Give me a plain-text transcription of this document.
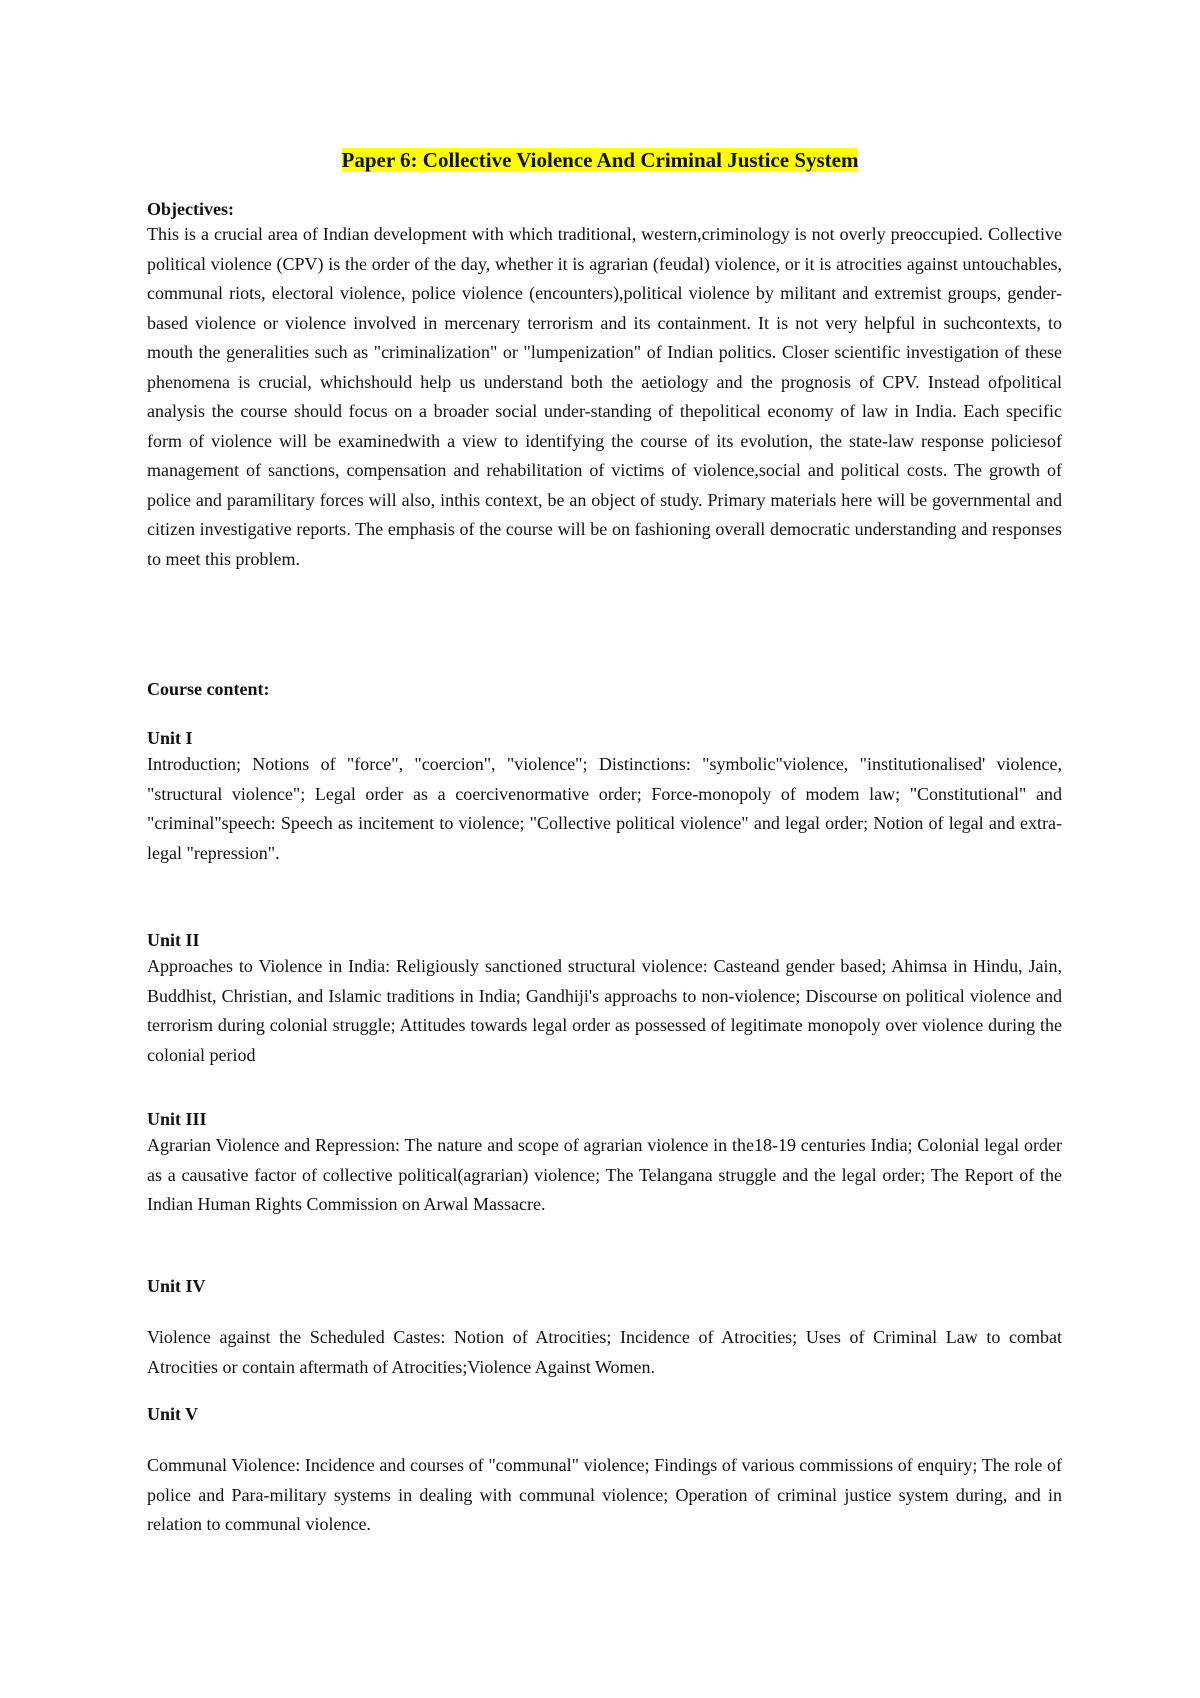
Paper 6: Collective Violence And Criminal Justice System
Objectives:

This is a crucial area of Indian development with which traditional, western,criminology is not overly preoccupied. Collective political violence (CPV) is the order of the day, whether it is agrarian (feudal) violence, or it is atrocities against untouchables, communal riots, electoral violence, police violence (encounters),political violence by militant and extremist groups, gender-based violence or violence involved in mercenary terrorism and its containment. It is not very helpful in suchcontexts, to mouth the generalities such as "criminalization" or "lumpenization" of Indian politics. Closer scientific investigation of these phenomena is crucial, whichshould help us understand both the aetiology and the prognosis of CPV. Instead ofpolitical analysis the course should focus on a broader social under-standing of thepolitical economy of law in India. Each specific form of violence will be examinedwith a view to identifying the course of its evolution, the state-law response policiesof management of sanctions, compensation and rehabilitation of victims of violence,social and political costs. The growth of police and paramilitary forces will also, inthis context, be an object of study. Primary materials here will be governmental and citizen investigative reports. The emphasis of the course will be on fashioning overall democratic understanding and responses to meet this problem.

Course content:
Unit I

Introduction; Notions of "force", "coercion", "violence"; Distinctions: "symbolic"violence, "institutionalised' violence, "structural violence"; Legal order as a coercivenormative order; Force-monopoly of modem law; "Constitutional" and "criminal"speech: Speech as incitement to violence; "Collective political violence" and legal order; Notion of legal and extra-legal "repression".

Unit II

Approaches to Violence in India: Religiously sanctioned structural violence: Casteand gender based; Ahimsa in Hindu, Jain, Buddhist, Christian, and Islamic traditions in India; Gandhiji's approachs to non-violence; Discourse on political violence and terrorism during colonial struggle; Attitudes towards legal order as possessed of legitimate monopoly over violence during the colonial period

Unit III

Agrarian Violence and Repression: The nature and scope of agrarian violence in the18-19 centuries India; Colonial legal order as a causative factor of collective political(agrarian) violence; The Telangana struggle and the legal order; The Report of the Indian Human Rights Commission on Arwal Massacre.

Unit IV

Violence against the Scheduled Castes: Notion of Atrocities; Incidence of Atrocities; Uses of Criminal Law to combat Atrocities or contain aftermath of Atrocities;Violence Against Women.

Unit V

Communal Violence: Incidence and courses of "communal" violence; Findings of various commissions of enquiry; The role of police and Para-military systems in dealing with communal violence; Operation of criminal justice system during, and in relation to communal violence.
